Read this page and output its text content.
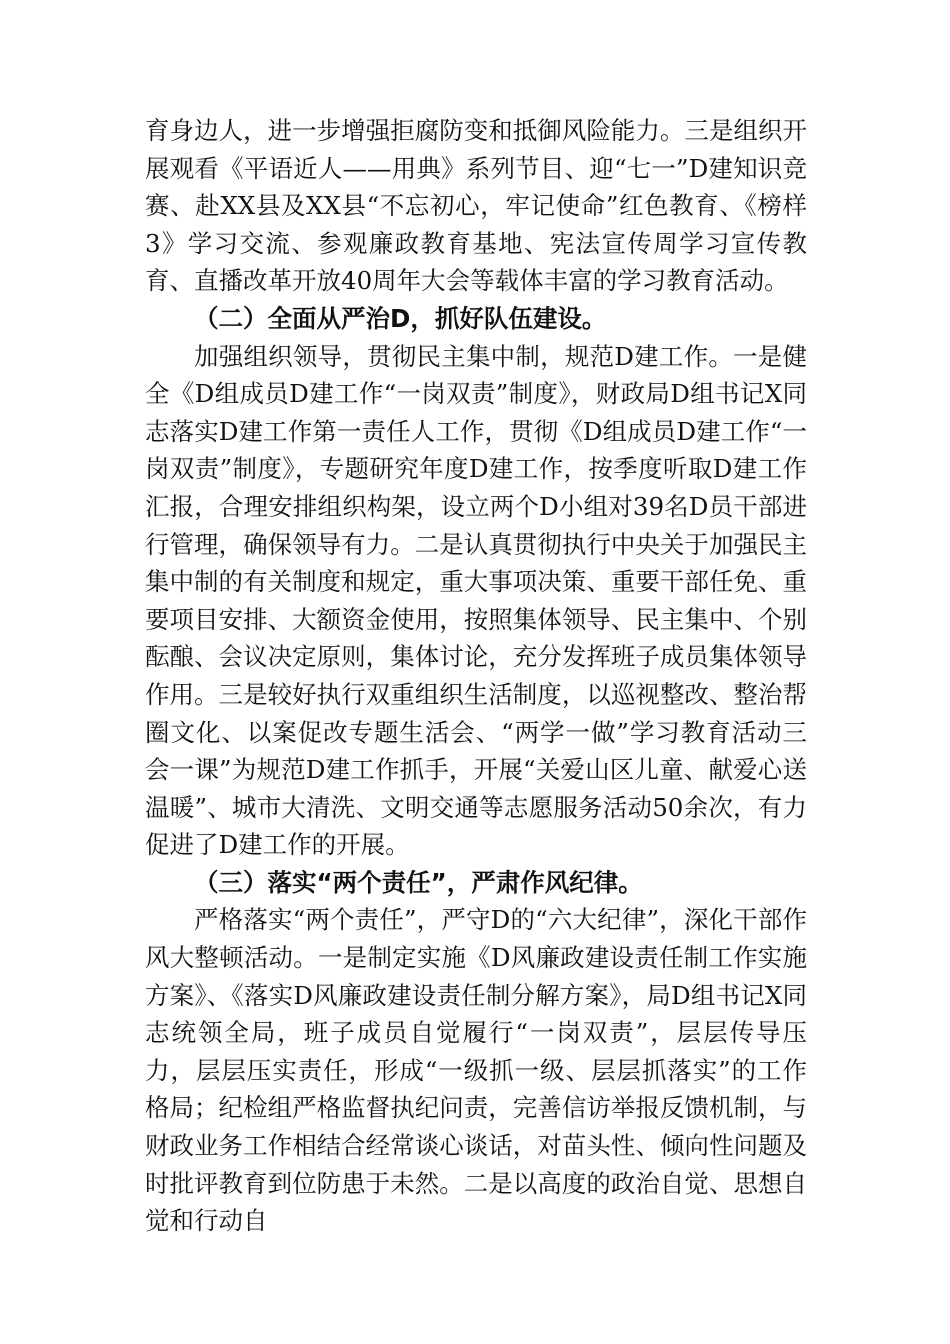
育身边人，进一步增强拒腐防变和抵御风险能力。三是组织开展观看《平语近人——用典》系列节目、迎“七一”D建知识竞赛、赴XX县及XX县“不忘初心，牢记使命”红色教育、《榜样3》学习交流、参观廉政教育基地、宪法宣传周学习宣传教育、直播改革开放40周年大会等载体丰富的学习教育活动。

（二）全面从严治D，抓好队伍建设。

加强组织领导，贯彻民主集中制，规范D建工作。一是健全《D组成员D建工作“一岗双责”制度》，财政局D组书记X同志落实D建工作第一责任人工作，贯彻《D组成员D建工作“一岗双责”制度》，专题研究年度D建工作，按季度听取D建工作汇报，合理安排组织构架，设立两个D小组对39名D员干部进行管理，确保领导有力。二是认真贯彻执行中央关于加强民主集中制的有关制度和规定，重大事项决策、重要干部任免、重要项目安排、大额资金使用，按照集体领导、民主集中、个别酝酿、会议决定原则，集体讨论，充分发挥班子成员集体领导作用。三是较好执行双重组织生活制度，以巡视整改、整治帮圈文化、以案促改专题生活会、“两学一做”学习教育活动三会一课”为规范D建工作抓手，开展“关爱山区儿童、献爱心送温暖”、城市大清洗、文明交通等志愿服务活动50余次，有力促进了D建工作的开展。

（三）落实“两个责任”，严肃作风纪律。

严格落实“两个责任”，严守D的“六大纪律”，深化干部作风大整顿活动。一是制定实施《D风廉政建设责任制工作实施方案》、《落实D风廉政建设责任制分解方案》，局D组书记X同志统领全局，班子成员自觉履行“一岗双责”，层层传导压力，层层压实责任，形成“一级抓一级、层层抓落实”的工作格局；纪检组严格监督执纪问责，完善信访举报反馈机制，与财政业务工作相结合经常谈心谈话，对苗头性、倾向性问题及时批评教育到位防患于未然。二是以高度的政治自觉、思想自觉和行动自
